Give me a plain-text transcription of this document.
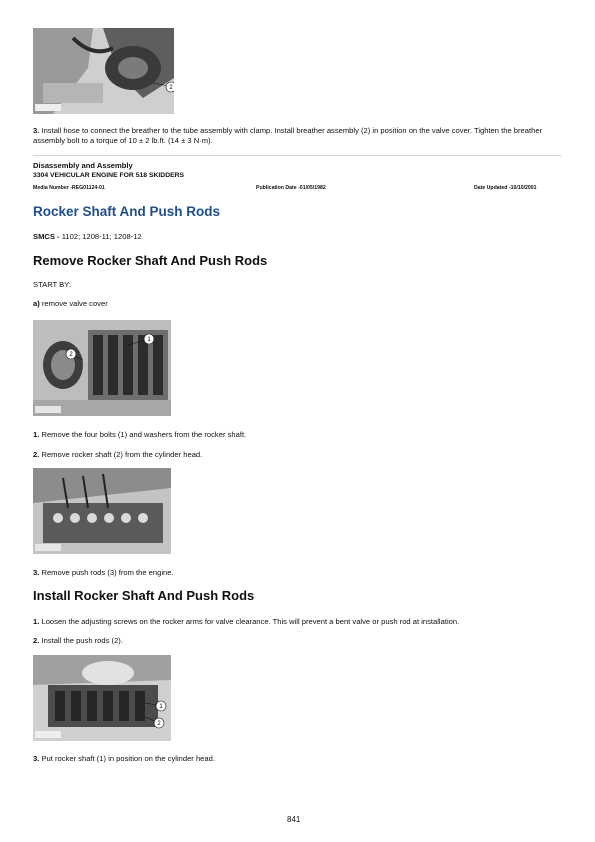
2

3. Install hose to connect the breather to the tube assembly with clamp. Install breather assembly (2) in position on the valve cover. Tighten the breather assembly bolt to a torque of 10 ± 2 lb.ft. (14 ± 3 N·m).

Disassembly and Assembly
3304 VEHICULAR ENGINE FOR 518 SKIDDERS
Media Number -REG01124-01	Publication Date -01/05/1982	Date Updated -10/10/2001
Rocker Shaft And Push Rods

SMCS - 1102; 1208-11; 1208-12

Remove Rocker Shaft And Push Rods

START BY:

a) remove valve cover

1
2

1. Remove the four bolts (1) and washers from the rocker shaft.

2. Remove rocker shaft (2) from the cylinder head.

3. Remove push rods (3) from the engine.

Install Rocker Shaft And Push Rods

1. Loosen the adjusting screws on the rocker arms for valve clearance. This will prevent a bent valve or push rod at installation.

2. Install the push rods (2).

1
2

3. Put rocker shaft (1) in position on the cylinder head.

841
